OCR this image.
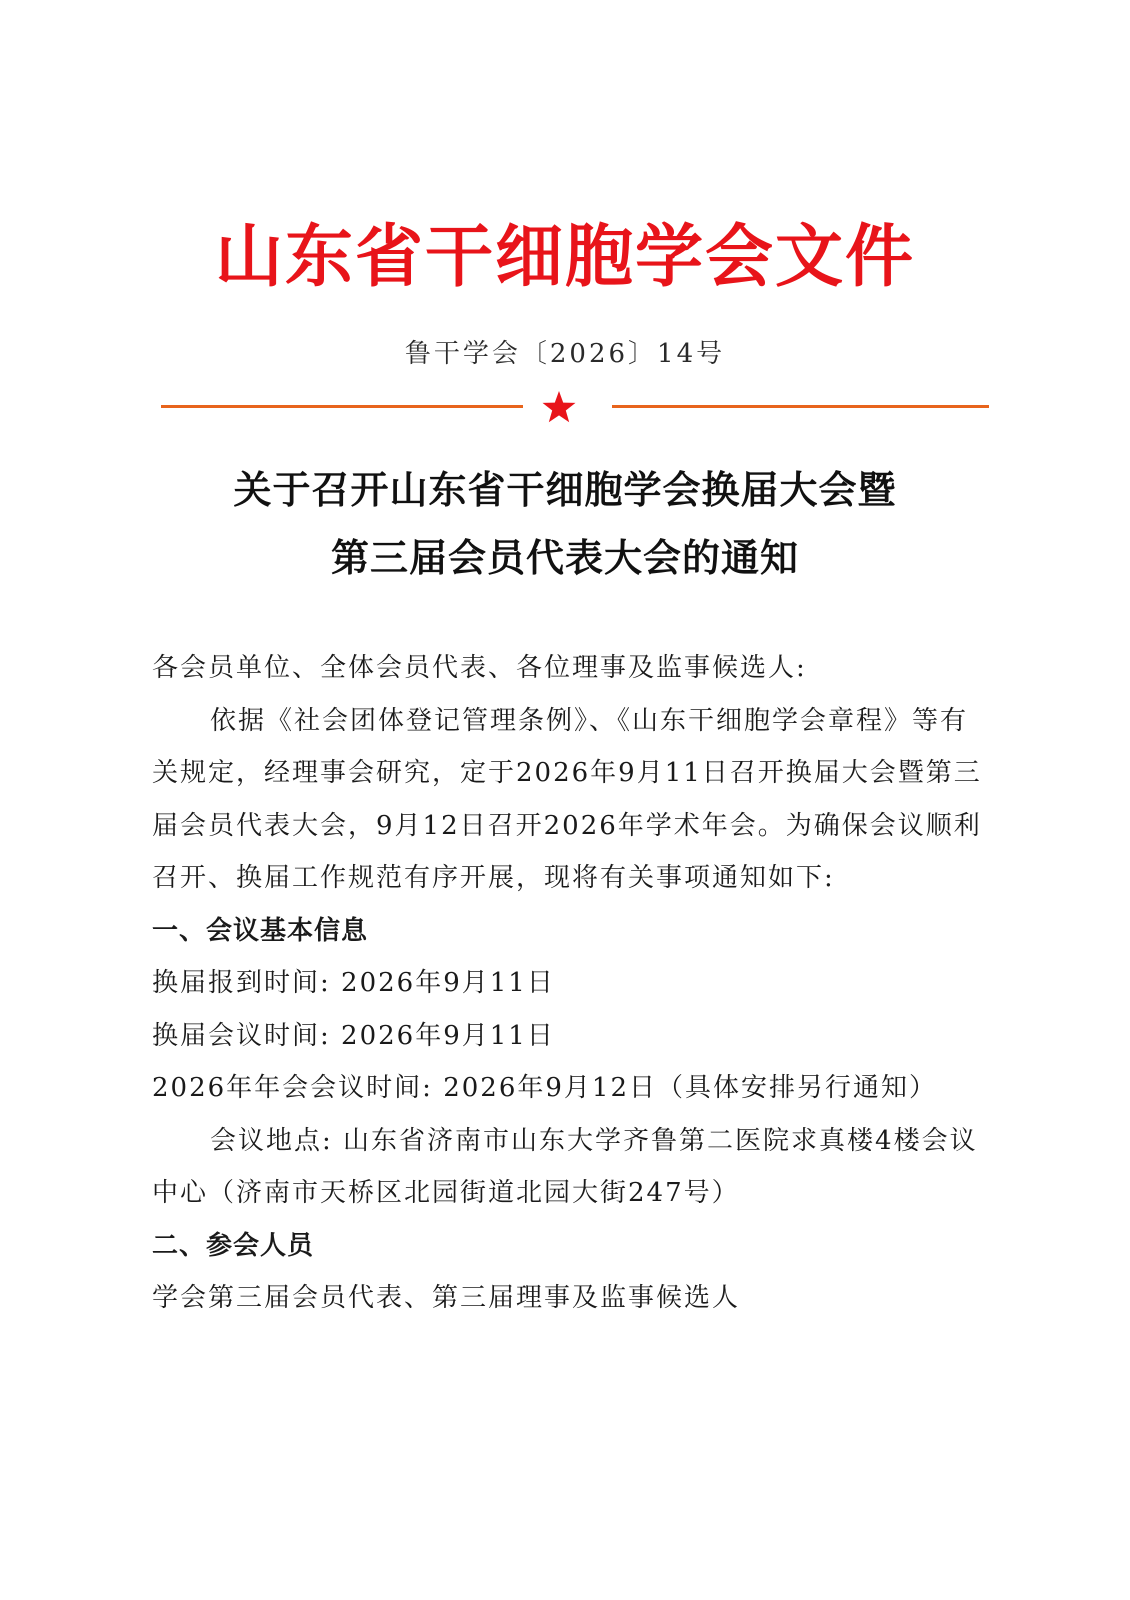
山东省干细胞学会文件
鲁干学会〔2026〕14号
关于召开山东省干细胞学会换届大会暨
第三届会员代表大会的通知

各会员单位、全体会员代表、各位理事及监事候选人:

依据《社会团体登记管理条例》、《山东干细胞学会章程》等有关规定，经理事会研究，定于2026年9月11日召开换届大会暨第三届会员代表大会，9月12日召开2026年学术年会。为确保会议顺利召开、换届工作规范有序开展，现将有关事项通知如下:

一、会议基本信息

换届报到时间: 2026年9月11日

换届会议时间: 2026年9月11日

2026年年会会议时间: 2026年9月12日（具体安排另行通知）

会议地点: 山东省济南市山东大学齐鲁第二医院求真楼4楼会议中心（济南市天桥区北园街道北园大街247号）

二、参会人员

学会第三届会员代表、第三届理事及监事候选人
